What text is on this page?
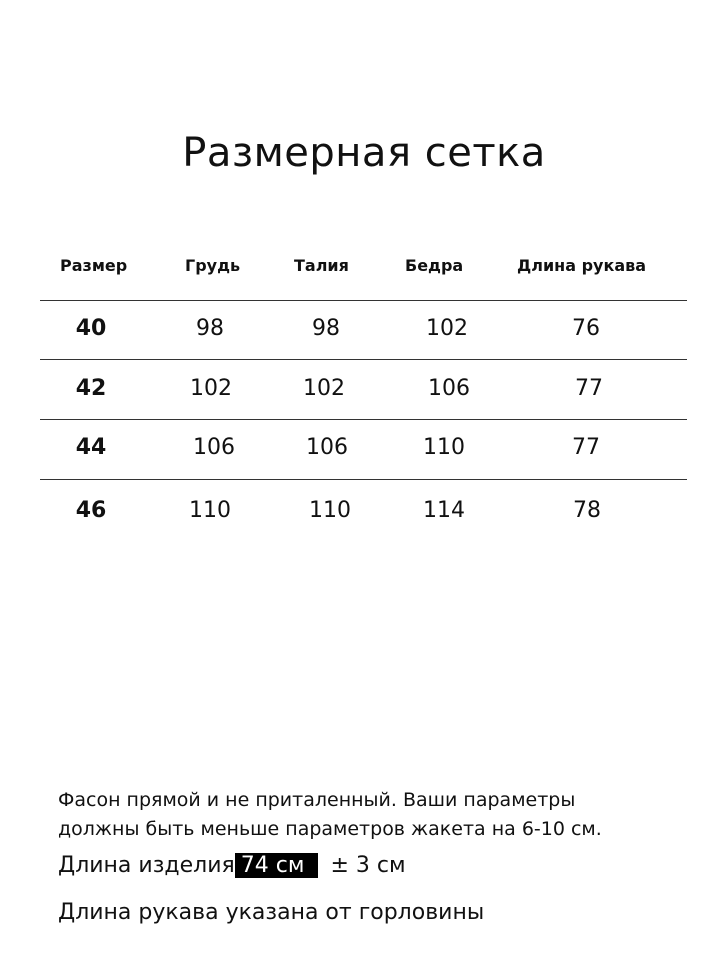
Размерная сетка
Размер	Грудь	Талия	Бедра	Длина рукава
40	98	98	102	76
42	102	102	106	77
44	106	106	110	77
46	110	110	114	78
Фасон прямой и не приталенный. Ваши параметры
должны быть меньше параметров жакета на 6-10 см.
Длина изделия 74 см ± 3 см
Длина рукава указана от горловины
